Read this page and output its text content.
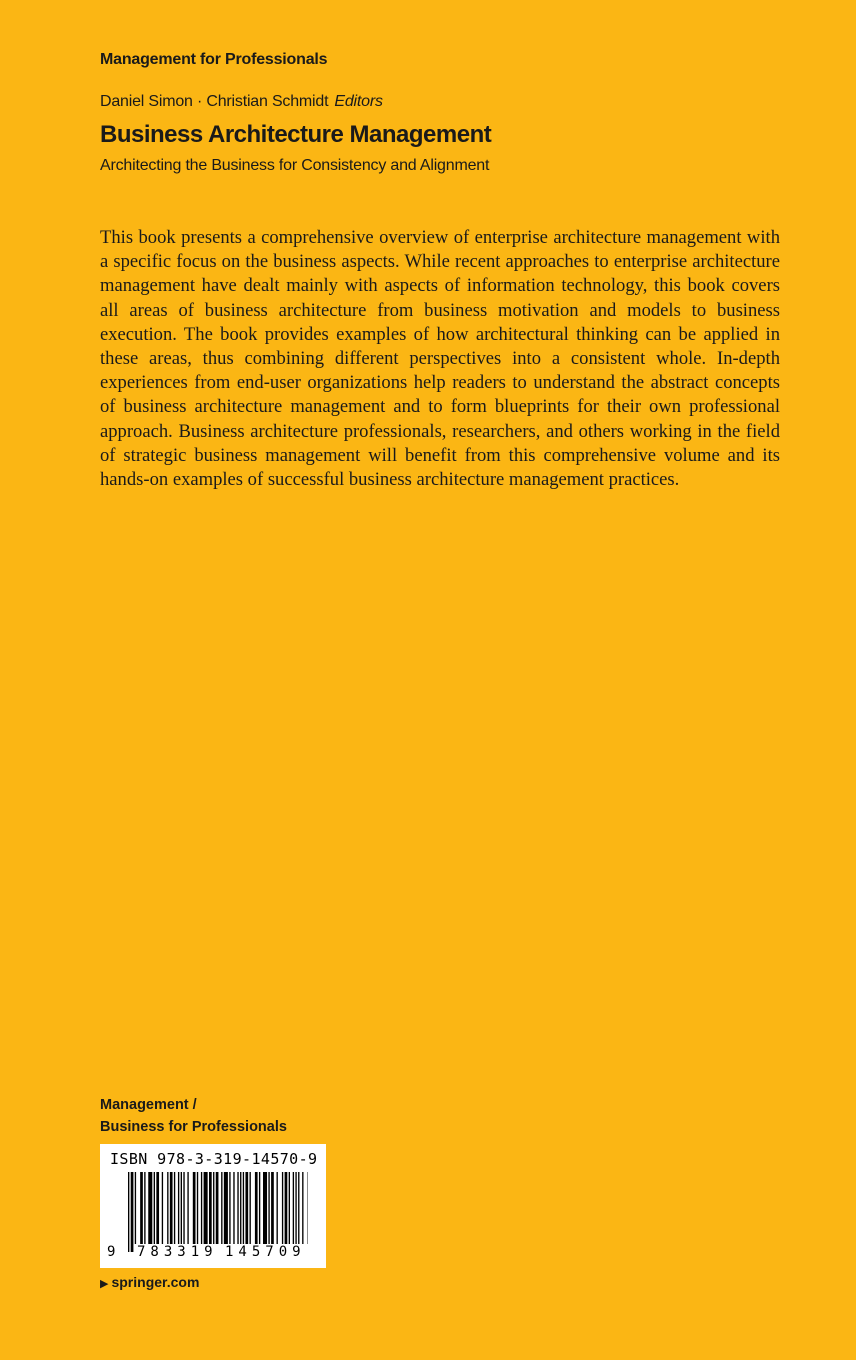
Management for Professionals
Daniel Simon · Christian Schmidt Editors
Business Architecture Management
Architecting the Business for Consistency and Alignment

This book presents a comprehensive overview of enterprise architecture management with a specific focus on the business aspects. While recent approaches to enterprise architecture management have dealt mainly with aspects of information technology, this book covers all areas of business architecture from business motivation and models to business execution. The book provides examples of how architectural thinking can be applied in these areas, thus combining different perspectives into a consistent whole. In-depth experiences from end-user organizations help readers to understand the abstract concepts of business architecture management and to form blueprints for their own professional approach. Business architecture professionals, researchers, and others working in the field of strategic business management will benefit from this comprehensive volume and its hands-on examples of successful business architecture management practices.

Management /
Business for Professionals
ISBN 978-3-319-14570-9
9 783319 145709
▶ springer.com
